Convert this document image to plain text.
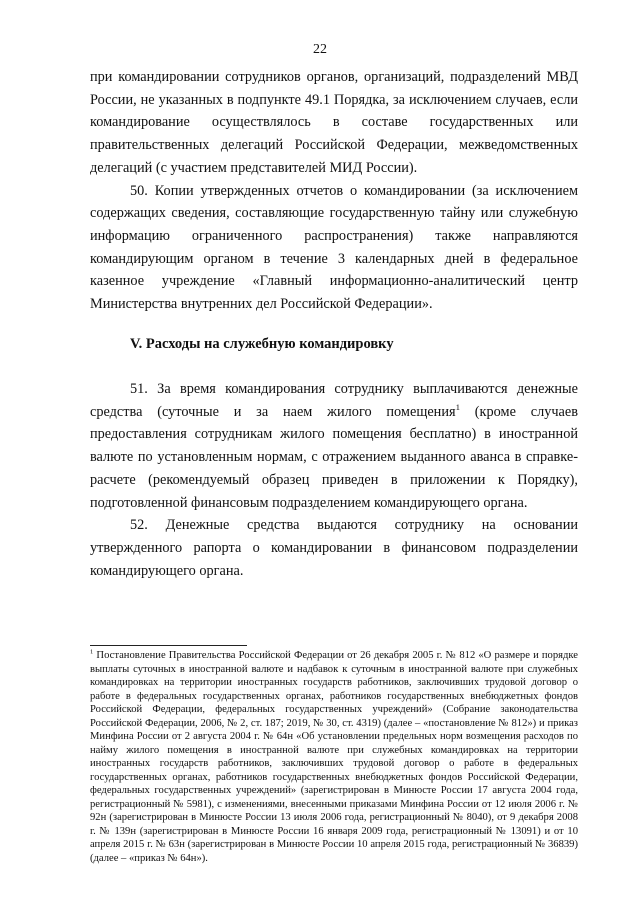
22

при командировании сотрудников органов, организаций, подразделений МВД России, не указанных в подпункте 49.1 Порядка, за исключением случаев, если командирование осуществлялось в составе государственных или правительственных делегаций Российской Федерации, межведомственных делегаций (с участием представителей МИД России).

50. Копии утвержденных отчетов о командировании (за исключением содержащих сведения, составляющие государственную тайну или служебную информацию ограниченного распространения) также направляются командирующим органом в течение 3 календарных дней в федеральное казенное учреждение «Главный информационно-аналитический центр Министерства внутренних дел Российской Федерации».

V. Расходы на служебную командировку

51. За время командирования сотруднику выплачиваются денежные средства (суточные и за наем жилого помещения$^1$ (кроме случаев предоставления сотрудникам жилого помещения бесплатно) в иностранной валюте по установленным нормам, с отражением выданного аванса в справке-расчете (рекомендуемый образец приведен в приложении к Порядку), подготовленной финансовым подразделением командирующего органа.

52. Денежные средства выдаются сотруднику на основании утвержденного рапорта о командировании в финансовом подразделении командирующего органа.

$^1$ Постановление Правительства Российской Федерации от 26 декабря 2005 г. № 812 «О размере и порядке выплаты суточных в иностранной валюте и надбавок к суточным в иностранной валюте при служебных командировках на территории иностранных государств работников, заключивших трудовой договор о работе в федеральных государственных органах, работников государственных внебюджетных фондов Российской Федерации, федеральных государственных учреждений» (Собрание законодательства Российской Федерации, 2006, № 2, ст. 187; 2019, № 30, ст. 4319) (далее – «постановление № 812») и приказ Минфина России от 2 августа 2004 г. № 64н «Об установлении предельных норм возмещения расходов по найму жилого помещения в иностранной валюте при служебных командировках на территории иностранных государств работников, заключивших трудовой договор о работе в федеральных государственных органах, работников государственных внебюджетных фондов Российской Федерации, федеральных государственных учреждений» (зарегистрирован в Минюсте России 17 августа 2004 года, регистрационный № 5981), с изменениями, внесенными приказами Минфина России от 12 июля 2006 г. № 92н (зарегистрирован в Минюсте России 13 июля 2006 года, регистрационный № 8040), от 9 декабря 2008 г. № 139н (зарегистрирован в Минюсте России 16 января 2009 года, регистрационный № 13091) и от 10 апреля 2015 г. № 63н (зарегистрирован в Минюсте России 10 апреля 2015 года, регистрационный № 36839) (далее – «приказ № 64н»).
